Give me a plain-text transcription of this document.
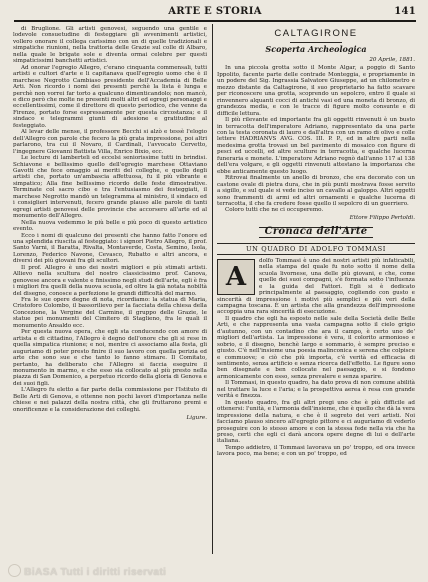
ARTE E STORIA	141

di Bruglione. Gli artisti genovesi, seguendo una gentile e lodevole consuetudine di festeggiare gli avvenimenti artistici, vollero onorare il collega carissimo con un di quelle tradizionali e simpatiche riunioni, nella trattoria delle Grazie sul colle di Albaro, nella quale le brigate sole e diventa ormai celebre per questi simpaticissimi banchetti artistici.

Ad onorar l'egregio Allegro, c'erano cinquanta commensali, tutti artisti e cultori d'arte e li capitanava quell'egregio uomo che è il marchese Negrotto Cambiaso presidente dell'Accademia di Belle Arti. Non ricordo i nomi dei presenti perchè la lista è lunga e perchè non vorrei far torto a qualcuno dimenticandolo; non mancò, e dico però che molte ne presenti molti altri ed egregi personaggi e eccellentissimi, come il direttore di questo periodico, che venne da Firenze, portato forse espressamente per questa circostanza; e il sindaco e telegrammi giunti di adesione e gratitudine al festeggiato.

Al levar delle mense, il professore Becchi si alzò e tessè l'elogio dell'Allegro con parole che fecero la più grata impressione, poi altri parlarono, tra cui il Novaro, il Cardinali, l'avvocato Cervetto, l'ingegnere Giovanni Battista Villa, Enrico Bixio, ecc.

Le lecture di lamberteli ed eccelsi seniorissime tutti in brindisi. Schiavone e bellissimo quello dell'egregio marchese Ottaviano Gavotti che fece omaggio ai meriti del colleghe, e quello degli artisti che, portato un'ambascia affettuosa, fu il più vibrante e simpatico; Alla fine bellissimo ricordo delle feste dimostrative. Terminate col sacro cibo e tra l'entusiasmo dei festeggiati, il marchese Negrotto mandò un telegramma al ministro, il sindaco ed i consiglieri intervenuti, fecero grande plauso alle parole di tanti egregi artisti genovesi delle provincie che accorsero all'arte ed al monumento dell'Allegro.

Nella nuova vedemmo le più belle e più poco di questo artistico evento.

Ecco i nomi di qualcuno dei presenti che hanno fatto l'onore ed una splendida riuscita al festeggiato: i signori Pietro Allegro, il prof. Santo Varni, il Baratta, Rivalta, Montaverde, Costa, Semino, Isola, Lorenzo, Federico Navone, Cevasco, Rubatto e altri ancora, e diversi dei più giovani fra gli scultori.

Il prof. Allegro è uno dei nostri migliori e più stimati artisti. Allievo nella scultura del nostro classicissimo prof. Canova, genovese ancora e valente e finissimo negli studi dell'arte, egli è fra i migliori fra quelli della nuova scuola, ed oltre la già notata nobiltà del disegno, conosce a perfezione le grandi difficoltà del marmo.

Fra le sue opere degne di nota, ricordiamo: la statua di Maria, Cristoforo Colombo, il bassorilievo per la facciata della chiesa della Concezione, la Vergine del Carmine, il gruppo delle Grazie, le statue pei monumenti del Cimitero di Staglieno, fra le quali il monumento Ansaldo ecc.

Per questa nuova opera, che egli sta conducendo con amore di artista e di cittadino, l'Allegro è degno dell'onore che gli si rese in quella simpatica riunione; e noi, mentre ci associamo alla festa, gli auguriamo di poter presto finire il suo lavoro con quella perizia ed arte che sono sue e che tanto lo fanno stimare. Il Comitato, pertanto, ha deliberato che l'Allegro si faccia eseguire il monumento in marmo, e che esso sia collocato al più presto nella piazza di San Domenico, a perpetuo ricordo della gloria di Genova e dei suoi figli.

L'Allegro fu eletto a far parte della commissione per l'Istituto di Belle Arti di Genova, e ottenne non pochi lavori d'importanza nelle chiese e nei palazzi della nostra città, che gli fruttarono premi e onorificenze e la considerazione dei colleghi.

Ligure.

CALTAGIRONE
Scoperta Archeologica
20 Aprile, 1881.

In una piccola grotta sotto il Monte Algar, a poggio di Santo Ippolito, facente parte delle contrade Monteggia, e propriamente in un podere del Sig. Ingrassia Salvatore Giuseppe, ad un chilometro e mezzo distante da Caltagirone, il suo proprietario ha fatto scavare per riconoscere una grotta, scoprendo un sepolcro, entro il quale si rinvennero alquanti cocci di antichi vasi ed una moneta di bronzo, di grandezza media, e con le tracce di figure molto consunte e di difficile lettura.

Il più rilevante ed importante fra gli oggetti rinvenuti è un busto in terracotta dell'imperatore Adriano, rappresentato da una parte con la testa coronata di lauro e dall'altra con un ramo di olivo e colle lettere HADRIANVS AVG. COS. III. P. P., ed in altre parti nella medesima grotta trovasi un bel pavimento di mosaico con figure di pesci ed uccelli, ed altre sculture in terracotta, e qualche lucerna funeraria e monete. L'imperatore Adriano regnò dall'anno 117 al 138 dell'era volgare, e gli oggetti rinvenuti attestano la importanza che ebbe anticamente questo luogo.

Ritrovai finalmente un anello di bronzo, che era decorato con un castone ovale di pietra dura, che in più punti mostrava fosse servito a sigillo, e sul quale si vede inciso un cavallo al galoppo. Altri oggetti sono frammenti di armi ed altri ornamenti e qualche lucerna di terracotta, il che fa credere fosse quello il sepolcro di un guerriero.

Coloro tutti che ne ci occuperemo.

Ettore Filippo Pertoldi.
Cronaca dell'Arte
UN QUADRO DI ADOLFO TOMMASI
A

dolfo Tommasi è uno dei nostri artisti più infaticabili, nella stampa del quale fu noto sotto il nome della scuola livornese, una delle più giovani, e che, come quelle dei suoi compagni, s'è formata sotto l'influenza e la guida del Fattori. Egli si è dedicato principalmente al paesaggio, cogliendo con gusto e sincerità di impressione i motivi più semplici e più veri della campagna toscana. È un artista che alla grandezza dell'impressione accoppia una rara sincerità di esecuzione.

Il quadro che egli ha esposto nelle sale della Società delle Belle Arti, e che rappresenta una vasta campagna sotto il cielo grigio d'autunno, con un contadino che ara il campo, è certo uno de' migliori dell'artista. La impressione è vera, il colorito armonioso e sobrio, e il disegno, benchè largo e sommario, è sempre preciso e giusto. C'è nell'insieme una poesia malinconica e serena che colpisce e commuove; e ciò che più importa, c'è verità ed efficacia di sentimento, senza artificio e senza ricerca dell'effetto. Le figure sono ben disegnate e ben collocate nel paesaggio, e si fondono armonicamente con esso, senza prevalere e senza sparire.

Il Tommasi, in questo quadro, ha dato prova di non comune abilità nel trattare la luce e l'aria; e la prospettiva aerea è resa con grande verità e finezza.

In questo quadro, fra gli altri pregi uno che è più difficile ad ottenersi: l'unità, e l'armonia dell'insieme, che è quello che dà la vera impressione della natura, e che è il segreto dei veri artisti. Noi facciamo plauso sincero all'egregio pittore e ci auguriamo di vederlo proseguire con lo stesso amore e con la stessa fede nella via che ha preso, certi che egli ci darà ancora opere degne di lui e dell'arte italiana.

Tempo addietro, il Tommasi lavorava un po' troppo, ed ora invece lavora poco, ma bene; e con un po' troppo, ed

BiASA Tutti i diritti riservati
